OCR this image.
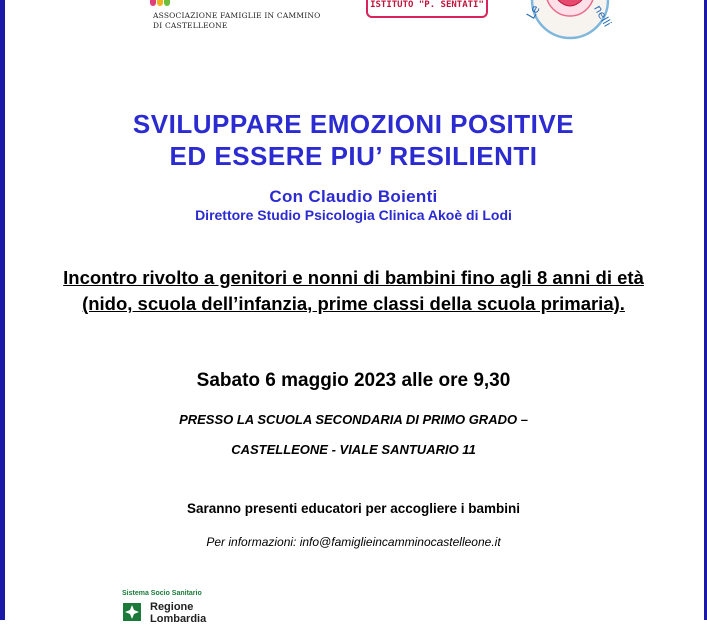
ASSOCIAZIONE FAMIGLIE IN CAMMINO
DI CASTELLEONE
ISTITUTO "P. SENTATI"	Le	nelli
SVILUPPARE EMOZIONI POSITIVE
ED ESSERE PIU’ RESILIENTI
Con Claudio Boienti
Direttore Studio Psicologia Clinica Akoè di Lodi
Incontro rivolto a genitori e nonni di bambini fino agli 8 anni di età (nido, scuola dell’infanzia, prime classi della scuola primaria).
Sabato 6 maggio 2023 alle ore 9,30
PRESSO LA SCUOLA SECONDARIA DI PRIMO GRADO –
CASTELLEONE - VIALE SANTUARIO 11
Saranno presenti educatori per accogliere i bambini
Per informazioni: info@famiglieincamminocastelleone.it
Sistema Socio Sanitario
Regione
Lombardia
